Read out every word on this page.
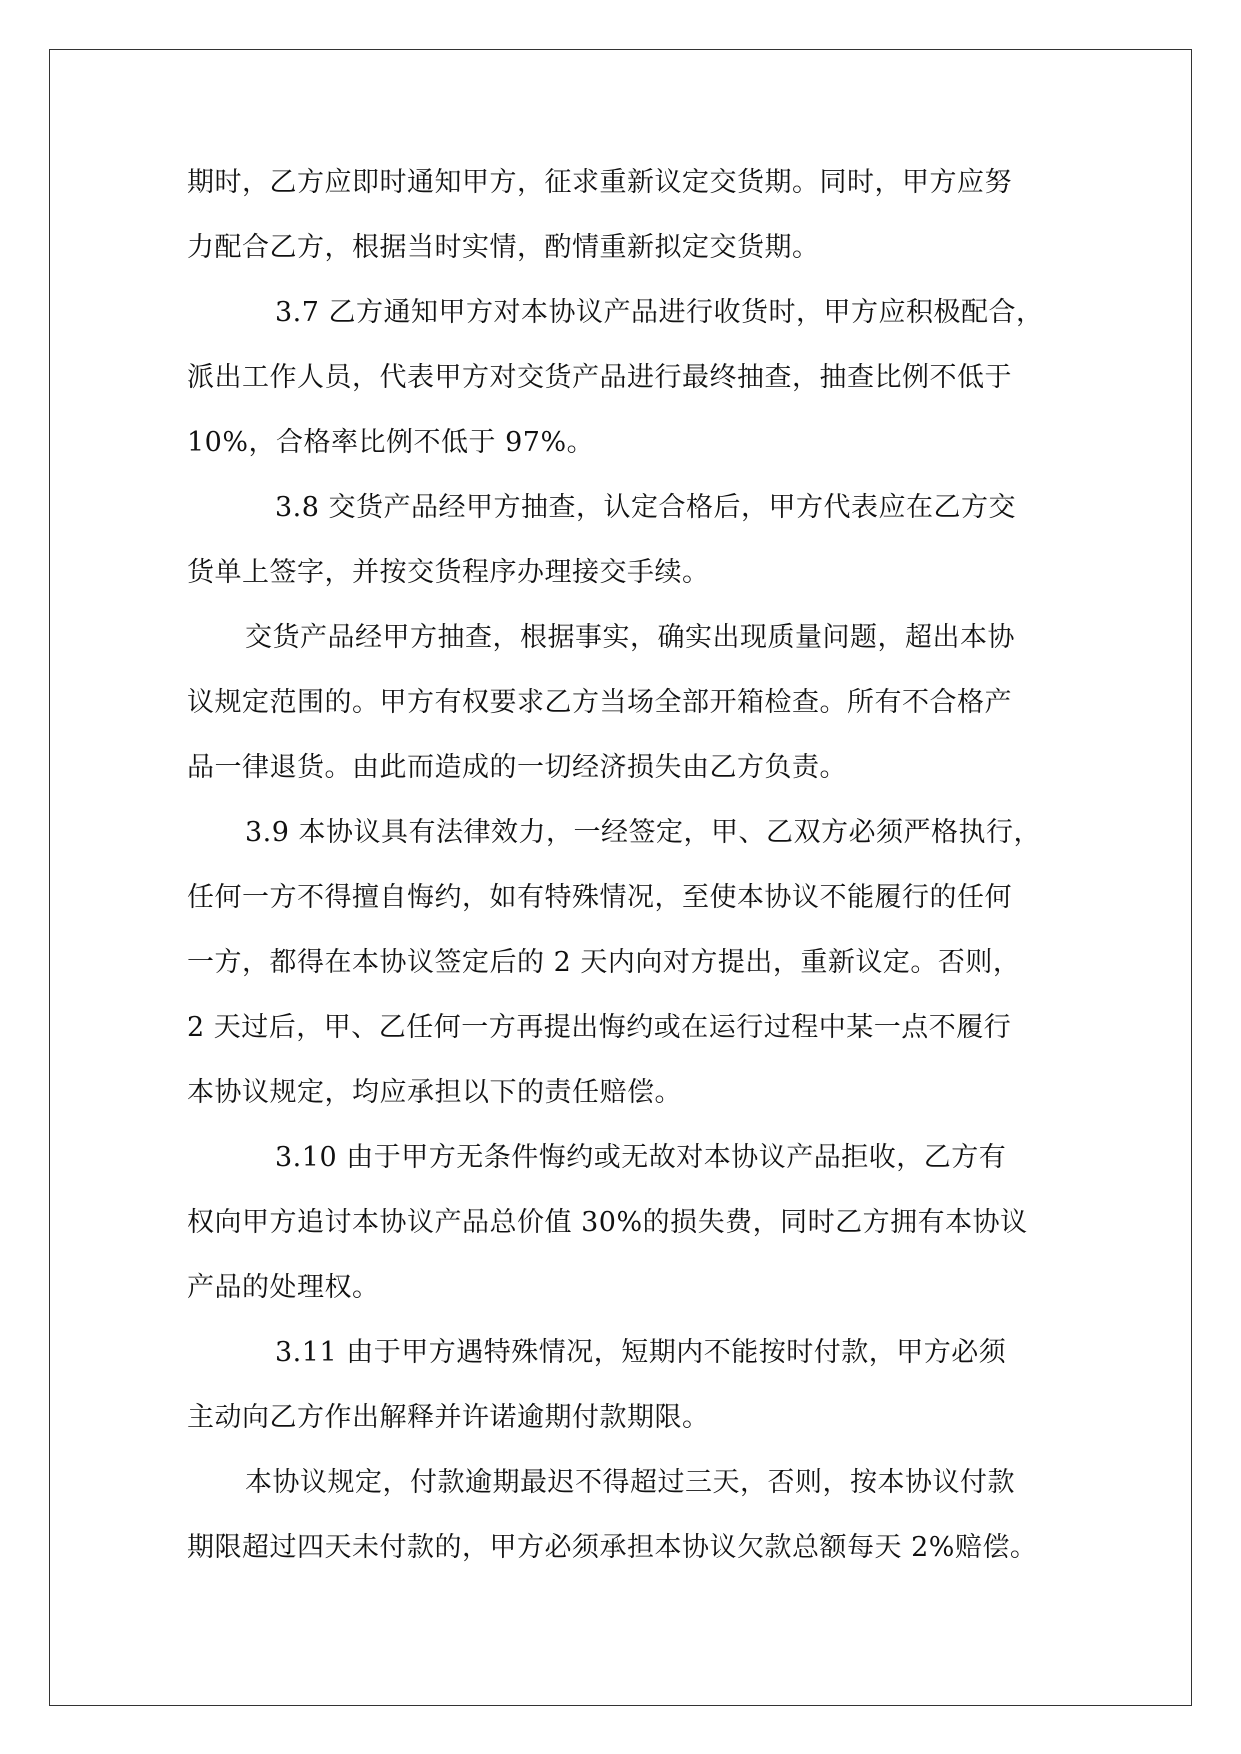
期时，乙方应即时通知甲方，征求重新议定交货期。同时，甲方应努
力配合乙方，根据当时实情，酌情重新拟定交货期。
3.7 乙方通知甲方对本协议产品进行收货时，甲方应积极配合，
派出工作人员，代表甲方对交货产品进行最终抽查，抽查比例不低于
10%，合格率比例不低于 97%。
3.8 交货产品经甲方抽查，认定合格后，甲方代表应在乙方交
货单上签字，并按交货程序办理接交手续。
交货产品经甲方抽查，根据事实，确实出现质量问题，超出本协
议规定范围的。甲方有权要求乙方当场全部开箱检查。所有不合格产
品一律退货。由此而造成的一切经济损失由乙方负责。
3.9 本协议具有法律效力，一经签定，甲、乙双方必须严格执行，
任何一方不得擅自悔约，如有特殊情况，至使本协议不能履行的任何
一方，都得在本协议签定后的 2 天内向对方提出，重新议定。否则，
2 天过后，甲、乙任何一方再提出悔约或在运行过程中某一点不履行
本协议规定，均应承担以下的责任赔偿。
3.10 由于甲方无条件悔约或无故对本协议产品拒收，乙方有
权向甲方追讨本协议产品总价值 30%的损失费，同时乙方拥有本协议
产品的处理权。
3.11 由于甲方遇特殊情况，短期内不能按时付款，甲方必须
主动向乙方作出解释并许诺逾期付款期限。
本协议规定，付款逾期最迟不得超过三天，否则，按本协议付款
期限超过四天未付款的，甲方必须承担本协议欠款总额每天 2%赔偿。
